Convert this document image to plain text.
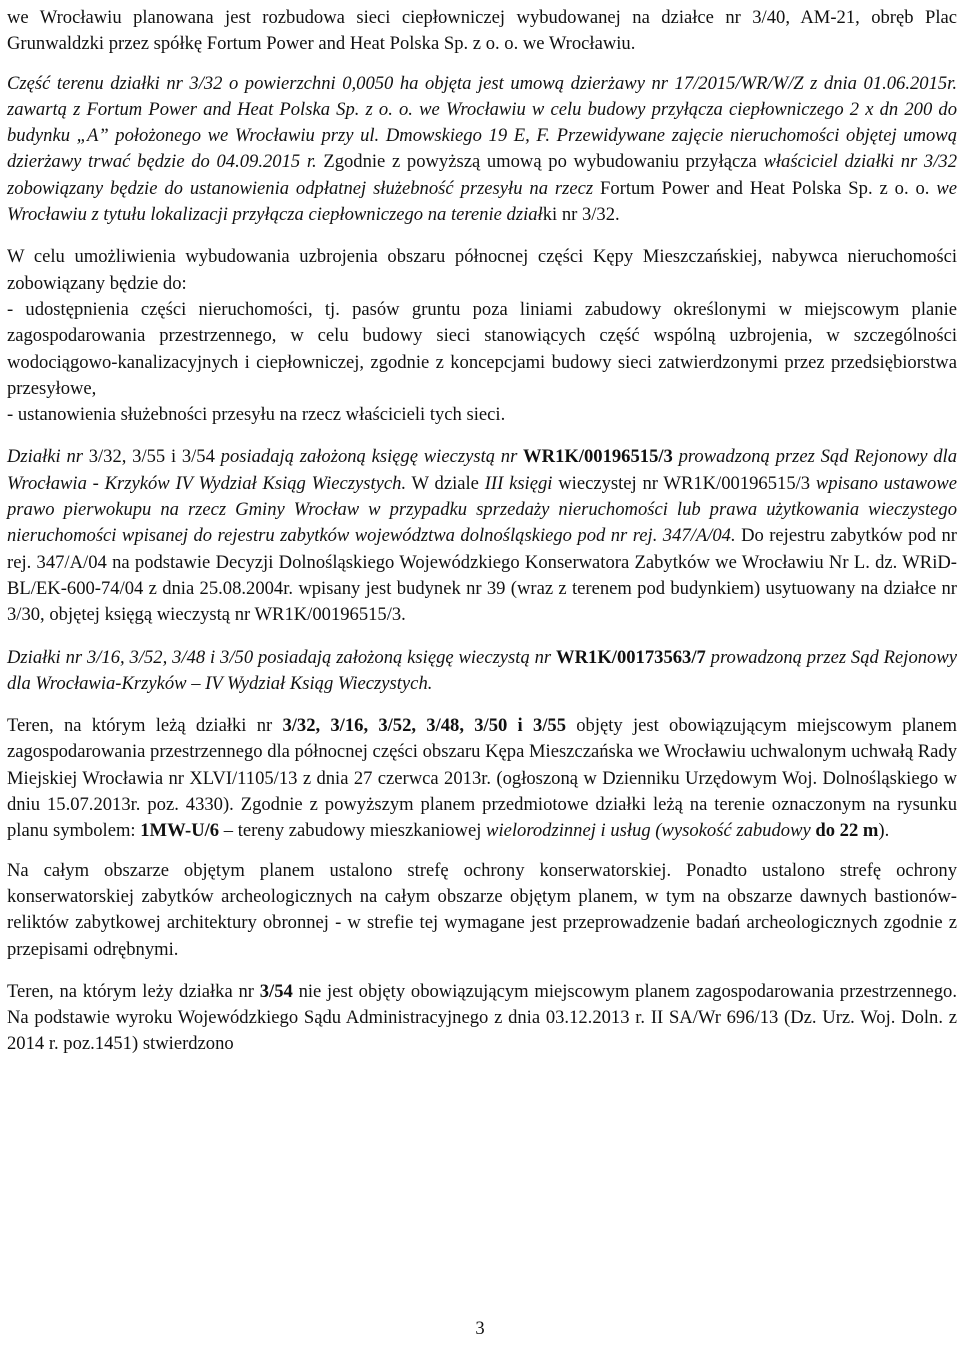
we Wrocławiu planowana jest rozbudowa sieci ciepłowniczej wybudowanej na działce nr 3/40, AM-21, obręb Plac Grunwaldzki przez spółkę Fortum Power and Heat Polska Sp. z o. o. we Wrocławiu.

Część terenu działki nr 3/32 o powierzchni 0,0050 ha objęta jest umową dzierżawy nr 17/2015/WR/W/Z z dnia 01.06.2015r. zawartą z Fortum Power and Heat Polska Sp. z o. o. we Wrocławiu w celu budowy przyłącza ciepłowniczego 2 x dn 200 do budynku „A” położonego we Wrocławiu przy ul. Dmowskiego 19 E, F. Przewidywane zajęcie nieruchomości objętej umową dzierżawy trwać będzie do 04.09.2015 r. Zgodnie z powyższą umową po wybudowaniu przyłącza właściciel działki nr 3/32 zobowiązany będzie do ustanowienia odpłatnej służebność przesyłu na rzecz Fortum Power and Heat Polska Sp. z o. o. we Wrocławiu z tytułu lokalizacji przyłącza ciepłowniczego na terenie działki nr 3/32.

W celu umożliwienia wybudowania uzbrojenia obszaru północnej części Kępy Mieszczańskiej, nabywca nieruchomości zobowiązany będzie do:

- udostępnienia części nieruchomości, tj. pasów gruntu poza liniami zabudowy określonymi w miejscowym planie zagospodarowania przestrzennego, w celu budowy sieci stanowiących część wspólną uzbrojenia, w szczególności wodociągowo-kanalizacyjnych i ciepłowniczej, zgodnie z koncepcjami budowy sieci zatwierdzonymi przez przedsiębiorstwa przesyłowe,

- ustanowienia służebności przesyłu na rzecz właścicieli tych sieci.

Działki nr 3/32, 3/55 i 3/54 posiadają założoną księgę wieczystą nr WR1K/00196515/3 prowadzoną przez Sąd Rejonowy dla Wrocławia - Krzyków IV Wydział Ksiąg Wieczystych. W dziale III księgi wieczystej nr WR1K/00196515/3 wpisano ustawowe prawo pierwokupu na rzecz Gminy Wrocław w przypadku sprzedaży nieruchomości lub prawa użytkowania wieczystego nieruchomości wpisanej do rejestru zabytków województwa dolnośląskiego pod nr rej. 347/A/04. Do rejestru zabytków pod nr rej. 347/A/04 na podstawie Decyzji Dolnośląskiego Wojewódzkiego Konserwatora Zabytków we Wrocławiu Nr L. dz. WRiD-BL/EK-600-74/04 z dnia 25.08.2004r. wpisany jest budynek nr 39 (wraz z terenem pod budynkiem) usytuowany na działce nr 3/30, objętej księgą wieczystą nr WR1K/00196515/3.

Działki nr 3/16, 3/52, 3/48 i 3/50 posiadają założoną księgę wieczystą nr WR1K/00173563/7 prowadzoną przez Sąd Rejonowy dla Wrocławia-Krzyków – IV Wydział Ksiąg Wieczystych.

Teren, na którym leżą działki nr 3/32, 3/16, 3/52, 3/48, 3/50 i 3/55 objęty jest obowiązującym miejscowym planem zagospodarowania przestrzennego dla północnej części obszaru Kępa Mieszczańska we Wrocławiu uchwalonym uchwałą Rady Miejskiej Wrocławia nr XLVI/1105/13 z dnia 27 czerwca 2013r. (ogłoszoną w Dzienniku Urzędowym Woj. Dolnośląskiego w dniu 15.07.2013r. poz. 4330). Zgodnie z powyższym planem przedmiotowe działki leżą na terenie oznaczonym na rysunku planu symbolem: 1MW-U/6 – tereny zabudowy mieszkaniowej wielorodzinnej i usług (wysokość zabudowy do 22 m).

Na całym obszarze objętym planem ustalono strefę ochrony konserwatorskiej. Ponadto ustalono strefę ochrony konserwatorskiej zabytków archeologicznych na całym obszarze objętym planem, w tym na obszarze dawnych bastionów- reliktów zabytkowej architektury obronnej - w strefie tej wymagane jest przeprowadzenie badań archeologicznych zgodnie z przepisami odrębnymi.

Teren, na którym leży działka nr 3/54 nie jest objęty obowiązującym miejscowym planem zagospodarowania przestrzennego. Na podstawie wyroku Wojewódzkiego Sądu Administracyjnego z dnia 03.12.2013 r. II SA/Wr 696/13 (Dz. Urz. Woj. Doln. z 2014 r. poz.1451) stwierdzono

3
